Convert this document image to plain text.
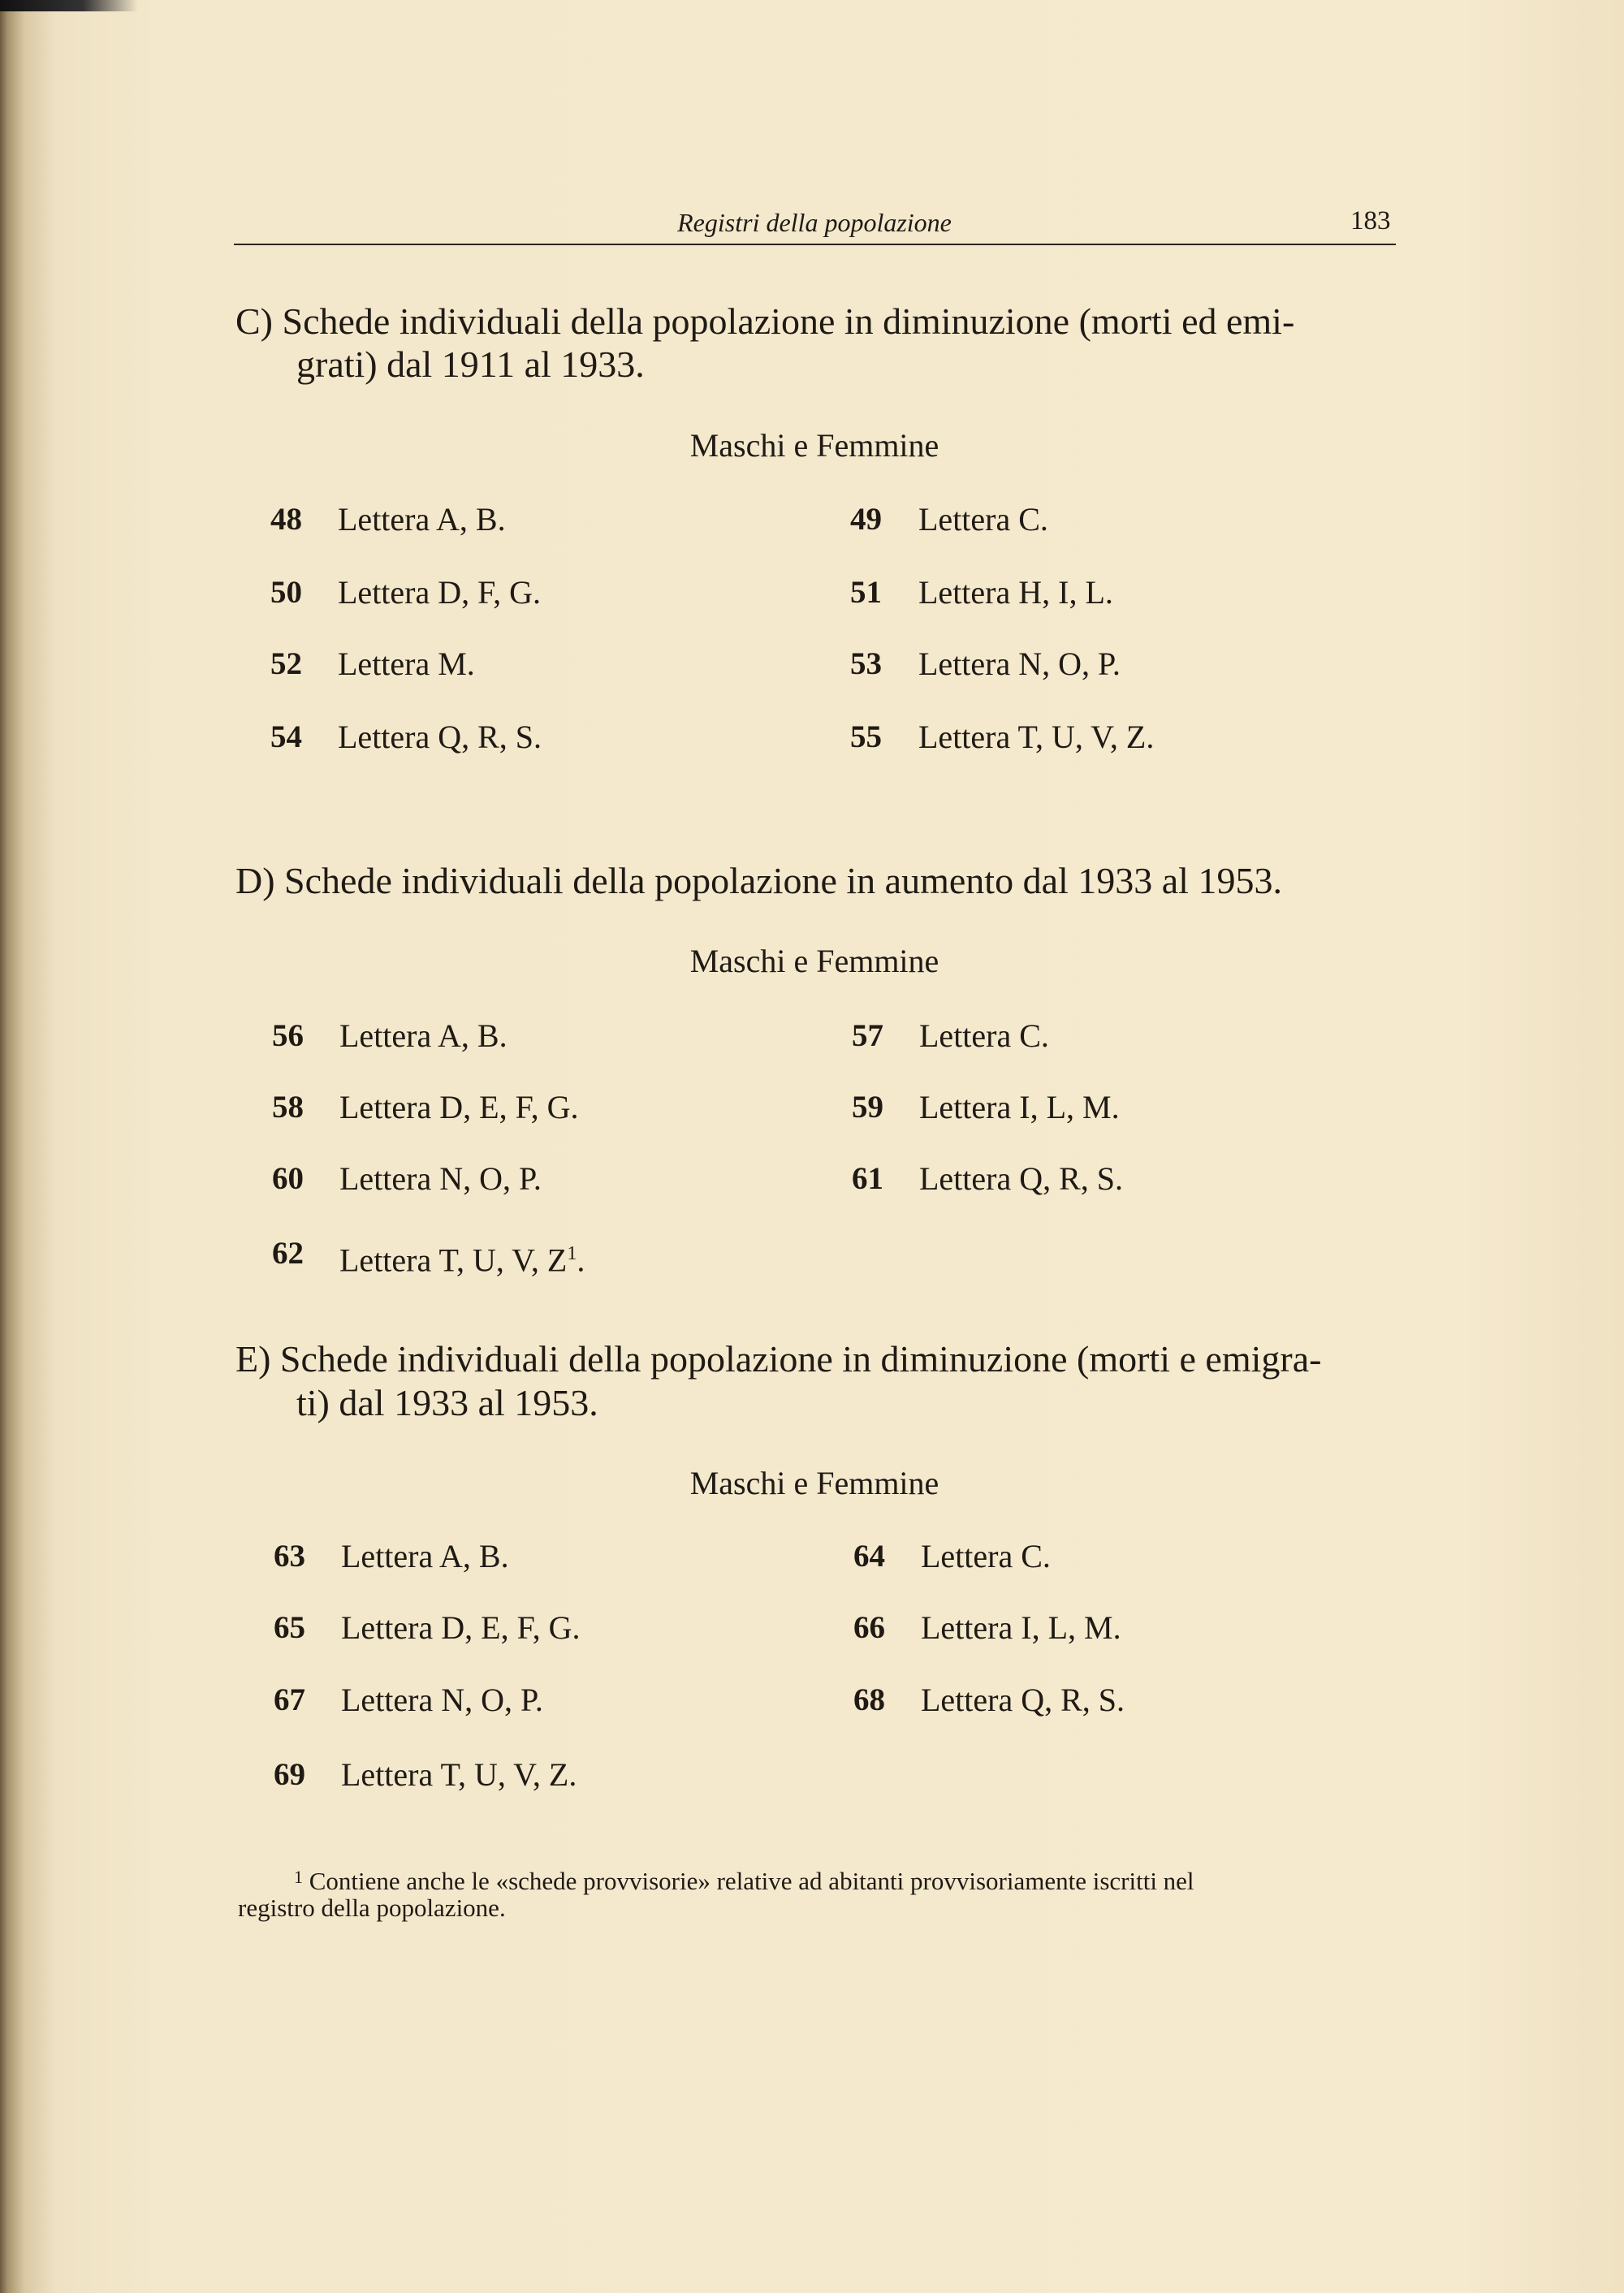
Registri della popolazione	183
C) Schede individuali della popolazione in diminuzione (morti ed emi-
grati) dal 1911 al 1933.
Maschi e Femmine
48 Lettera A, B.	49 Lettera C.
50 Lettera D, F, G.	51 Lettera H, I, L.
52 Lettera M.	53 Lettera N, O, P.
54 Lettera Q, R, S.	55 Lettera T, U, V, Z.
D) Schede individuali della popolazione in aumento dal 1933 al 1953.
Maschi e Femmine
56 Lettera A, B.	57 Lettera C.
58 Lettera D, E, F, G.	59 Lettera I, L, M.
60 Lettera N, O, P.	61 Lettera Q, R, S.
62 Lettera T, U, V, $Z^1$.
E) Schede individuali della popolazione in diminuzione (morti e emigra-
ti) dal 1933 al 1953.
Maschi e Femmine
63 Lettera A, B.	64 Lettera C.
65 Lettera D, E, F, G.	66 Lettera I, L, M.
67 Lettera N, O, P.	68 Lettera Q, R, S.
69 Lettera T, U, V, Z.
$^1$ Contiene anche le «schede provvisorie» relative ad abitanti provvisoriamente iscritti nel
registro della popolazione.
